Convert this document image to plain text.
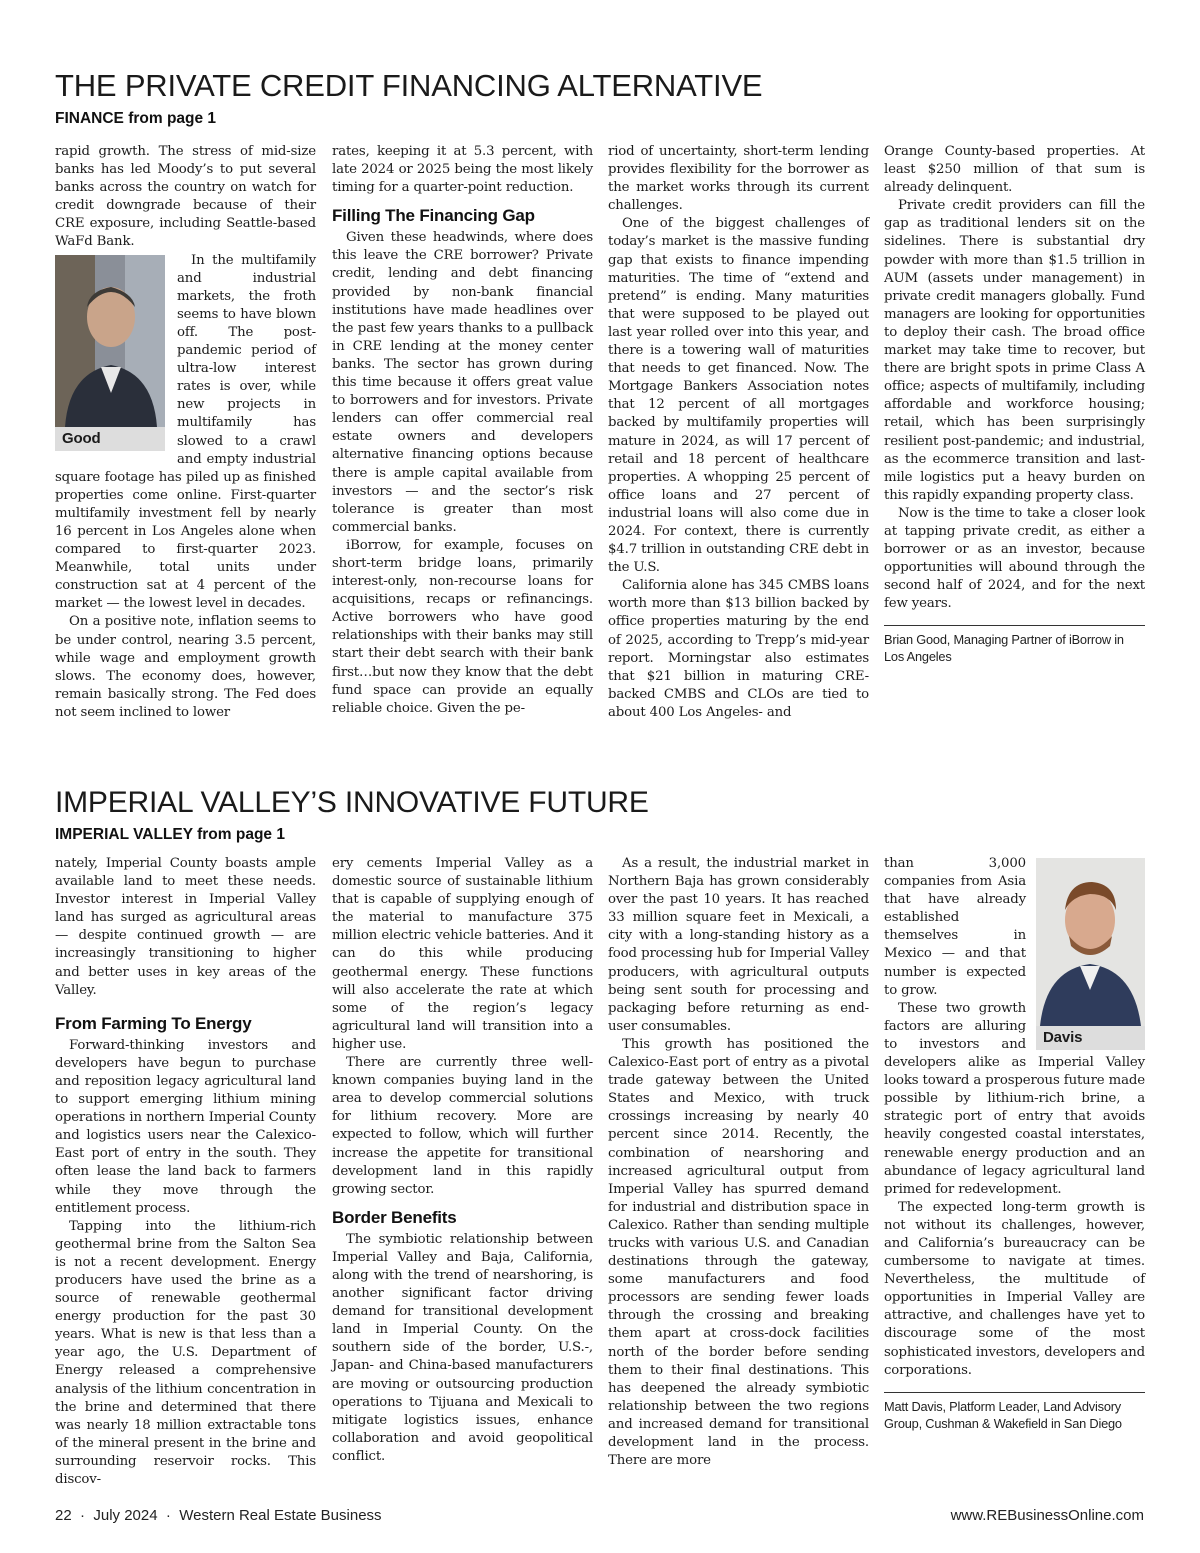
THE PRIVATE CREDIT FINANCING ALTERNATIVE
FINANCE from page 1

rapid growth. The stress of mid-size banks has led Moody’s to put several banks across the country on watch for credit downgrade because of their CRE exposure, including Seattle-based WaFd Bank.

Good

In the multifamily and industrial markets, the froth seems to have blown off. The post-pandemic period of ultra-low interest rates is over, while new projects in multifamily has slowed to a crawl and empty industrial square footage has piled up as finished properties come online. First-quarter multifamily investment fell by nearly 16 percent in Los Angeles alone when compared to first-quarter 2023. Meanwhile, total units under construction sat at 4 percent of the market — the lowest level in decades.

On a positive note, inflation seems to be under control, nearing 3.5 percent, while wage and employment growth slows. The economy does, however, remain basically strong. The Fed does not seem inclined to lower

rates, keeping it at 5.3 percent, with late 2024 or 2025 being the most likely timing for a quarter-point reduction.

Filling The Financing Gap

Given these headwinds, where does this leave the CRE borrower? Private credit, lending and debt financing provided by non-bank financial institutions have made headlines over the past few years thanks to a pullback in CRE lending at the money center banks. The sector has grown during this time because it offers great value to borrowers and for investors. Private lenders can offer commercial real estate owners and developers alternative financing options because there is ample capital available from investors — and the sector’s risk tolerance is greater than most commercial banks.

iBorrow, for example, focuses on short-term bridge loans, primarily interest-only, non-recourse loans for acquisitions, recaps or refinancings. Active borrowers who have good relationships with their banks may still start their debt search with their bank first…but now they know that the debt fund space can provide an equally reliable choice. Given the pe-

riod of uncertainty, short-term lending provides flexibility for the borrower as the market works through its current challenges.

One of the biggest challenges of today’s market is the massive funding gap that exists to finance impending maturities. The time of “extend and pretend” is ending. Many maturities that were supposed to be played out last year rolled over into this year, and there is a towering wall of maturities that needs to get financed. Now. The Mortgage Bankers Association notes that 12 percent of all mortgages backed by multifamily properties will mature in 2024, as will 17 percent of retail and 18 percent of healthcare properties. A whopping 25 percent of office loans and 27 percent of industrial loans will also come due in 2024. For context, there is currently $4.7 trillion in outstanding CRE debt in the U.S.

California alone has 345 CMBS loans worth more than $13 billion backed by office properties maturing by the end of 2025, according to Trepp’s mid-year report. Morningstar also estimates that $21 billion in maturing CRE-backed CMBS and CLOs are tied to about 400 Los Angeles- and

Orange County-based properties. At least $250 million of that sum is already delinquent.

Private credit providers can fill the gap as traditional lenders sit on the sidelines. There is substantial dry powder with more than $1.5 trillion in AUM (assets under management) in private credit managers globally. Fund managers are looking for opportunities to deploy their cash. The broad office market may take time to recover, but there are bright spots in prime Class A office; aspects of multifamily, including affordable and workforce housing; retail, which has been surprisingly resilient post-pandemic; and industrial, as the ecommerce transition and last-mile logistics put a heavy burden on this rapidly expanding property class.

Now is the time to take a closer look at tapping private credit, as either a borrower or as an investor, because opportunities will abound through the second half of 2024, and for the next few years.

Brian Good, Managing Partner of iBorrow in Los Angeles
IMPERIAL VALLEY’S INNOVATIVE FUTURE
IMPERIAL VALLEY from page 1

nately, Imperial County boasts ample available land to meet these needs. Investor interest in Imperial Valley land has surged as agricultural areas — despite continued growth — are increasingly transitioning to higher and better uses in key areas of the Valley.

From Farming To Energy

Forward-thinking investors and developers have begun to purchase and reposition legacy agricultural land to support emerging lithium mining operations in northern Imperial County and logistics users near the Calexico-East port of entry in the south. They often lease the land back to farmers while they move through the entitlement process.

Tapping into the lithium-rich geothermal brine from the Salton Sea is not a recent development. Energy producers have used the brine as a source of renewable geothermal energy production for the past 30 years. What is new is that less than a year ago, the U.S. Department of Energy released a comprehensive analysis of the lithium concentration in the brine and determined that there was nearly 18 million extractable tons of the mineral present in the brine and surrounding reservoir rocks. This discov-

ery cements Imperial Valley as a domestic source of sustainable lithium that is capable of supplying enough of the material to manufacture 375 million electric vehicle batteries. And it can do this while producing geothermal energy. These functions will also accelerate the rate at which some of the region’s legacy agricultural land will transition into a higher use.

There are currently three well-known companies buying land in the area to develop commercial solutions for lithium recovery. More are expected to follow, which will further increase the appetite for transitional development land in this rapidly growing sector.

Border Benefits

The symbiotic relationship between Imperial Valley and Baja, California, along with the trend of nearshoring, is another significant factor driving demand for transitional development land in Imperial County. On the southern side of the border, U.S.-, Japan- and China-based manufacturers are moving or outsourcing production operations to Tijuana and Mexicali to mitigate logistics issues, enhance collaboration and avoid geopolitical conflict.

As a result, the industrial market in Northern Baja has grown considerably over the past 10 years. It has reached 33 million square feet in Mexicali, a city with a long-standing history as a food processing hub for Imperial Valley producers, with agricultural outputs being sent south for processing and packaging before returning as end-user consumables.

This growth has positioned the Calexico-East port of entry as a pivotal trade gateway between the United States and Mexico, with truck crossings increasing by nearly 40 percent since 2014. Recently, the combination of nearshoring and increased agricultural output from Imperial Valley has spurred demand for industrial and distribution space in Calexico. Rather than sending multiple trucks with various U.S. and Canadian destinations through the gateway, some manufacturers and food processors are sending fewer loads through the crossing and breaking them apart at cross-dock facilities north of the border before sending them to their final destinations. This has deepened the already symbiotic relationship between the two regions and increased demand for transitional development land in the process. There are more

Davis

than 3,000 companies from Asia that have already established themselves in Mexico — and that number is expected to grow.

These two growth factors are alluring to investors and developers alike as Imperial Valley looks toward a prosperous future made possible by lithium-rich brine, a strategic port of entry that avoids heavily congested coastal interstates, renewable energy production and an abundance of legacy agricultural land primed for redevelopment.

The expected long-term growth is not without its challenges, however, and California’s bureaucracy can be cumbersome to navigate at times. Nevertheless, the multitude of opportunities in Imperial Valley are attractive, and challenges have yet to discourage some of the most sophisticated investors, developers and corporations.

Matt Davis, Platform Leader, Land Advisory Group, Cushman & Wakefield in San Diego
22  ·  July 2024  ·  Western Real Estate Business	www.REBusinessOnline.com
